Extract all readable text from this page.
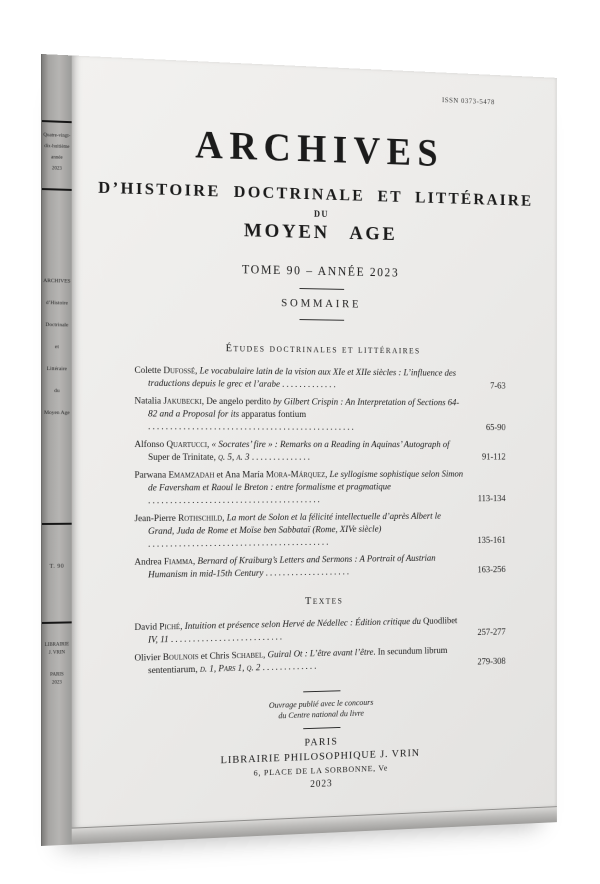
Quatre-vingt-
dix-huitième
année
2023
ARCHIVES
d’Histoire
Doctrinale
et
Littéraire
du
Moyen Age
T. 90
LIBRAIRIE
J. VRIN
PARIS
2023
ISSN 0373-5478
ARCHIVES
D’HISTOIRE DOCTRINALE ET LITTÉRAIRE
DU
MOYEN AGE
TOME 90 – ANNÉE 2023
SOMMAIRE
Études doctrinales et littéraires
Colette Dufossé, Le vocabulaire latin de la vision aux XIe et XIIe siècles : L’influence des traductions depuis le grec et l’arabe .............	7-63
Natalia Jakubecki, De angelo perdito by Gilbert Crispin : An Interpretation of Sections 64-82 and a Proposal for its apparatus fontium ................................................	65-90
Alfonso Quartucci, « Socrates’ fire » : Remarks on a Reading in Aquinas’ Autograph of Super de Trinitate, q. 5, a. 3 ..............	91-112
Parwana Emamzadah et Ana María Mora-Márquez, Le syllogisme sophistique selon Simon de Faversham et Raoul le Breton : entre formalisme et pragmatique ........................................	113-134
Jean-Pierre Rothschild, La mort de Solon et la félicité intellectuelle d’après Albert le Grand, Juda de Rome et Moïse ben Sabbataï (Rome, XIVe siècle) ..........................................	135-161
Andrea Fiamma, Bernard of Kraiburg’s Letters and Sermons : A Portrait of Austrian Humanism in mid-15th Century ....................	163-256
Textes
David Piché, Intuition et présence selon Hervé de Nédellec : Édition critique du Quodlibet IV, 11 ..........................	257-277
Olivier Boulnois et Chris Schabel, Guiral Ot : L’être avant l’être. In secundum librum sententiarum, d. 1, Pars 1, q. 2 .............	279-308
Ouvrage publié avec le concours
du Centre national du livre
PARIS
LIBRAIRIE PHILOSOPHIQUE J. VRIN
6, PLACE DE LA SORBONNE, Ve
2023
